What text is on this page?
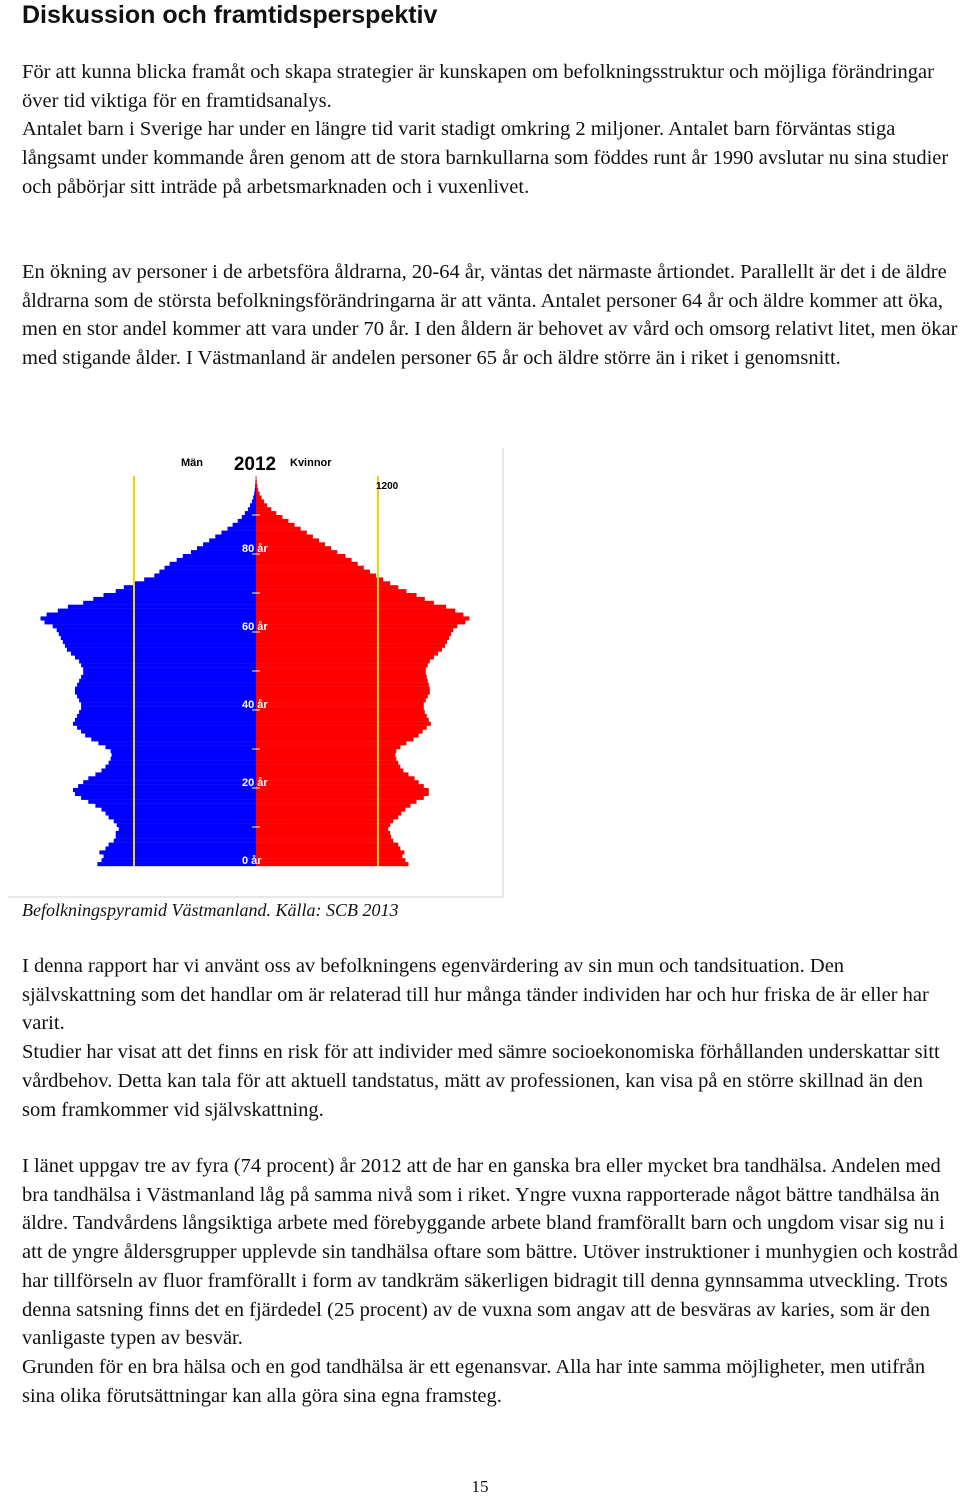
Diskussion och framtidsperspektiv

För att kunna blicka framåt och skapa strategier är kunskapen om befolkningsstruktur och möjliga förändringar över tid viktiga för en framtidsanalys.

Antalet barn i Sverige har under en längre tid varit stadigt omkring 2 miljoner. Antalet barn förväntas stiga långsamt under kommande åren genom att de stora barnkullarna som föddes runt år 1990 avslutar nu sina studier och påbörjar sitt inträde på arbetsmarknaden och i vuxenlivet.

En ökning av personer i de arbetsföra åldrarna, 20-64 år, väntas det närmaste årtiondet. Parallellt är det i de äldre åldrarna som de största befolkningsförändringarna är att vänta. Antalet personer 64 år och äldre kommer att öka, men en stor andel kommer att vara under 70 år. I den åldern är behovet av vård och omsorg relativt litet, men ökar med stigande ålder. I Västmanland är andelen personer 65 år och äldre större än i riket i genomsnitt.

0 år
20 år
40 år
60 år
80 år
Män 2012 Kvinnor
1200
Befolkningspyramid Västmanland. Källa: SCB 2013

I denna rapport har vi använt oss av befolkningens egenvärdering av sin mun och tandsituation. Den självskattning som det handlar om är relaterad till hur många tänder individen har och hur friska de är eller har varit.

Studier har visat att det finns en risk för att individer med sämre socioekonomiska förhållanden underskattar sitt vårdbehov. Detta kan tala för att aktuell tandstatus, mätt av professionen, kan visa på en större skillnad än den som framkommer vid självskattning.

I länet uppgav tre av fyra (74 procent) år 2012 att de har en ganska bra eller mycket bra tandhälsa. Andelen med bra tandhälsa i Västmanland låg på samma nivå som i riket. Yngre vuxna rapporterade något bättre tandhälsa än äldre. Tandvårdens långsiktiga arbete med förebyggande arbete bland framförallt barn och ungdom visar sig nu i att de yngre åldersgrupper upplevde sin tandhälsa oftare som bättre. Utöver instruktioner i munhygien och kostråd har tillförseln av fluor framförallt i form av tandkräm säkerligen bidragit till denna gynnsamma utveckling. Trots denna satsning finns det en fjärdedel (25 procent) av de vuxna som angav att de besväras av karies, som är den vanligaste typen av besvär.

Grunden för en bra hälsa och en god tandhälsa är ett egenansvar. Alla har inte samma möjligheter, men utifrån sina olika förutsättningar kan alla göra sina egna framsteg.

15
